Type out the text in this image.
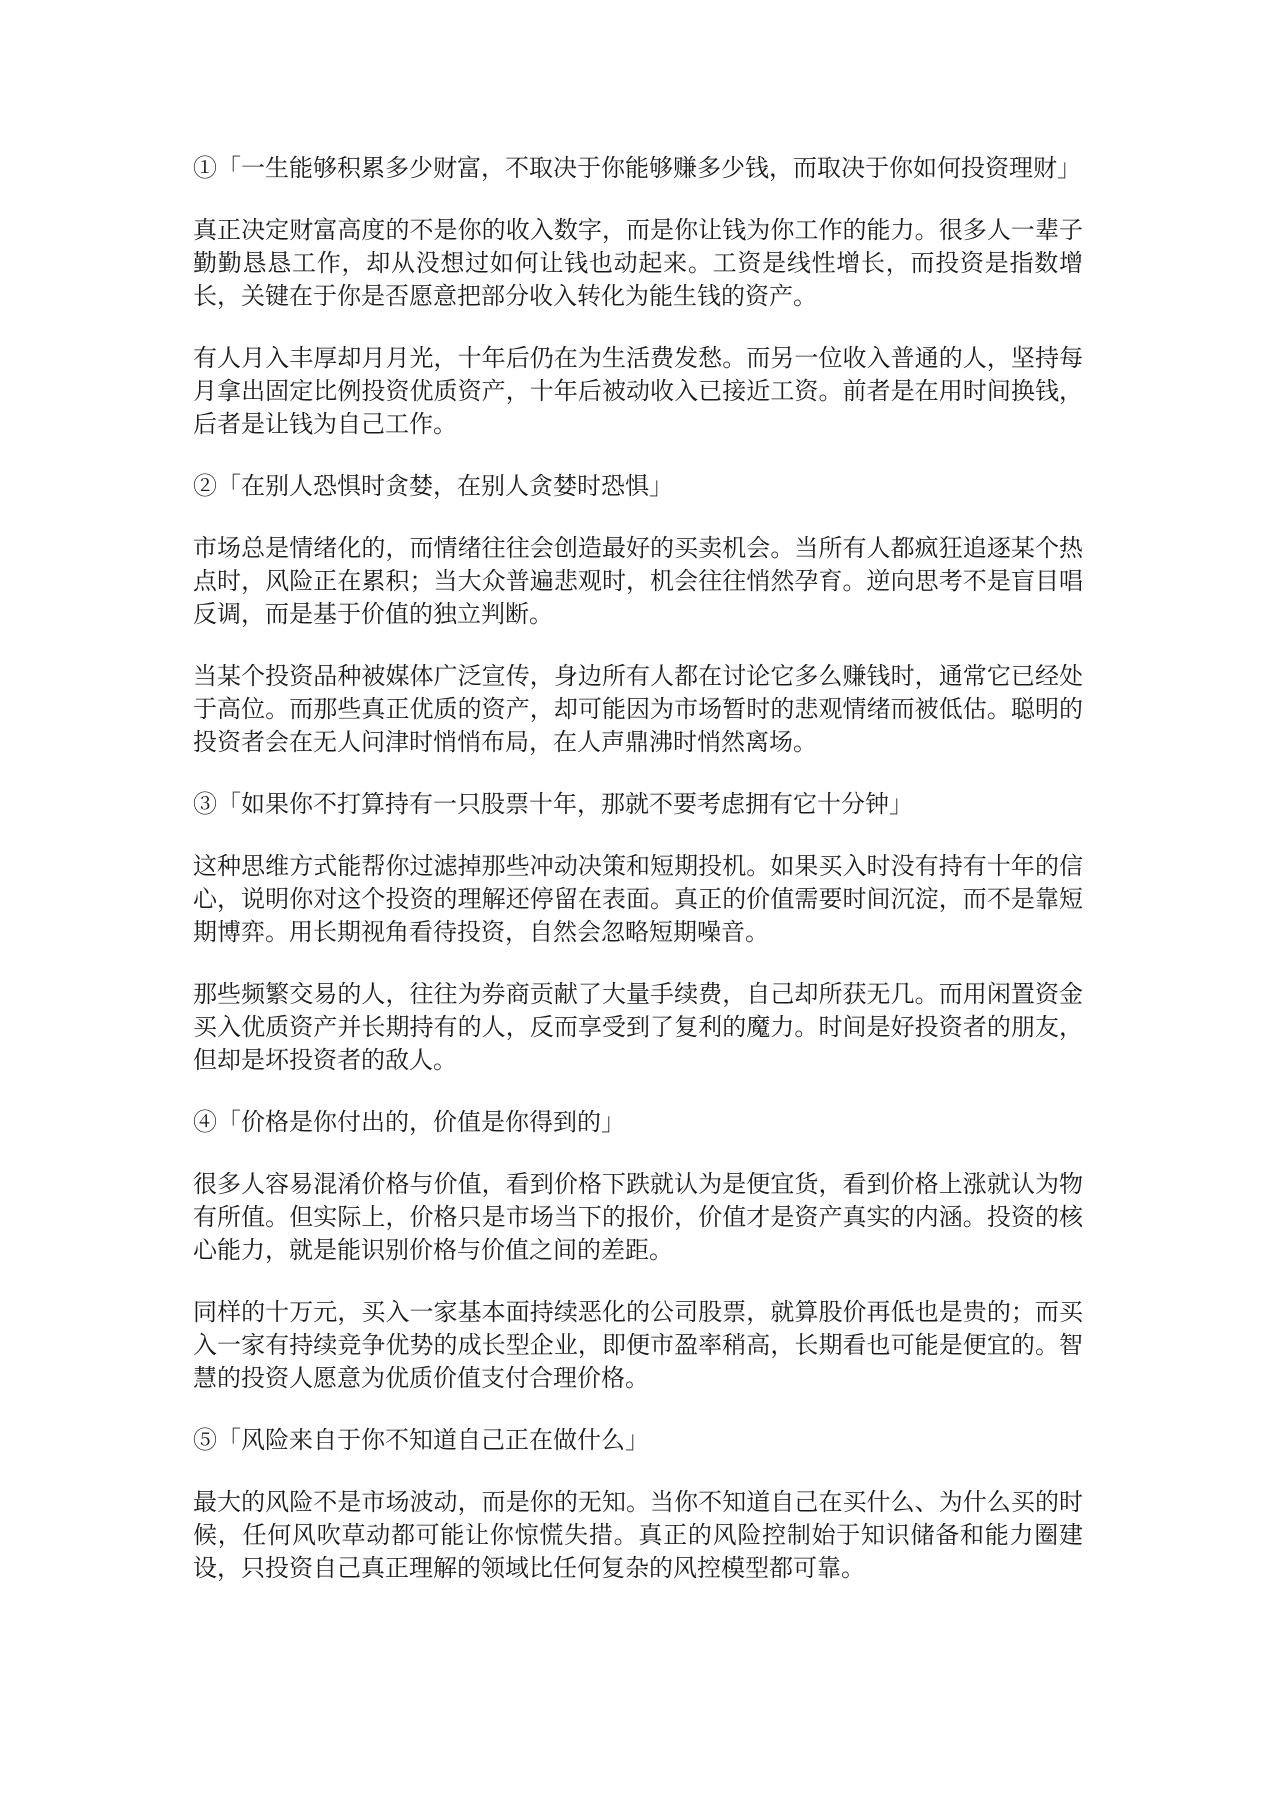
①「一生能够积累多少财富，不取决于你能够赚多少钱，而取决于你如何投资理财」

真正决定财富高度的不是你的收入数字，而是你让钱为你工作的能力。很多人一辈子勤勤恳恳工作，却从没想过如何让钱也动起来。工资是线性增长，而投资是指数增长，关键在于你是否愿意把部分收入转化为能生钱的资产。

有人月入丰厚却月月光，十年后仍在为生活费发愁。而另一位收入普通的人，坚持每月拿出固定比例投资优质资产，十年后被动收入已接近工资。前者是在用时间换钱，后者是让钱为自己工作。

②「在别人恐惧时贪婪，在别人贪婪时恐惧」

市场总是情绪化的，而情绪往往会创造最好的买卖机会。当所有人都疯狂追逐某个热点时，风险正在累积；当大众普遍悲观时，机会往往悄然孕育。逆向思考不是盲目唱反调，而是基于价值的独立判断。

当某个投资品种被媒体广泛宣传，身边所有人都在讨论它多么赚钱时，通常它已经处于高位。而那些真正优质的资产，却可能因为市场暂时的悲观情绪而被低估。聪明的投资者会在无人问津时悄悄布局，在人声鼎沸时悄然离场。

③「如果你不打算持有一只股票十年，那就不要考虑拥有它十分钟」

这种思维方式能帮你过滤掉那些冲动决策和短期投机。如果买入时没有持有十年的信心，说明你对这个投资的理解还停留在表面。真正的价值需要时间沉淀，而不是靠短期博弈。用长期视角看待投资，自然会忽略短期噪音。

那些频繁交易的人，往往为券商贡献了大量手续费，自己却所获无几。而用闲置资金买入优质资产并长期持有的人，反而享受到了复利的魔力。时间是好投资者的朋友，但却是坏投资者的敌人。

④「价格是你付出的，价值是你得到的」

很多人容易混淆价格与价值，看到价格下跌就认为是便宜货，看到价格上涨就认为物有所值。但实际上，价格只是市场当下的报价，价值才是资产真实的内涵。投资的核心能力，就是能识别价格与价值之间的差距。

同样的十万元，买入一家基本面持续恶化的公司股票，就算股价再低也是贵的；而买入一家有持续竞争优势的成长型企业，即便市盈率稍高，长期看也可能是便宜的。智慧的投资人愿意为优质价值支付合理价格。

⑤「风险来自于你不知道自己正在做什么」

最大的风险不是市场波动，而是你的无知。当你不知道自己在买什么、为什么买的时候，任何风吹草动都可能让你惊慌失措。真正的风险控制始于知识储备和能力圈建设，只投资自己真正理解的领域比任何复杂的风控模型都可靠。
